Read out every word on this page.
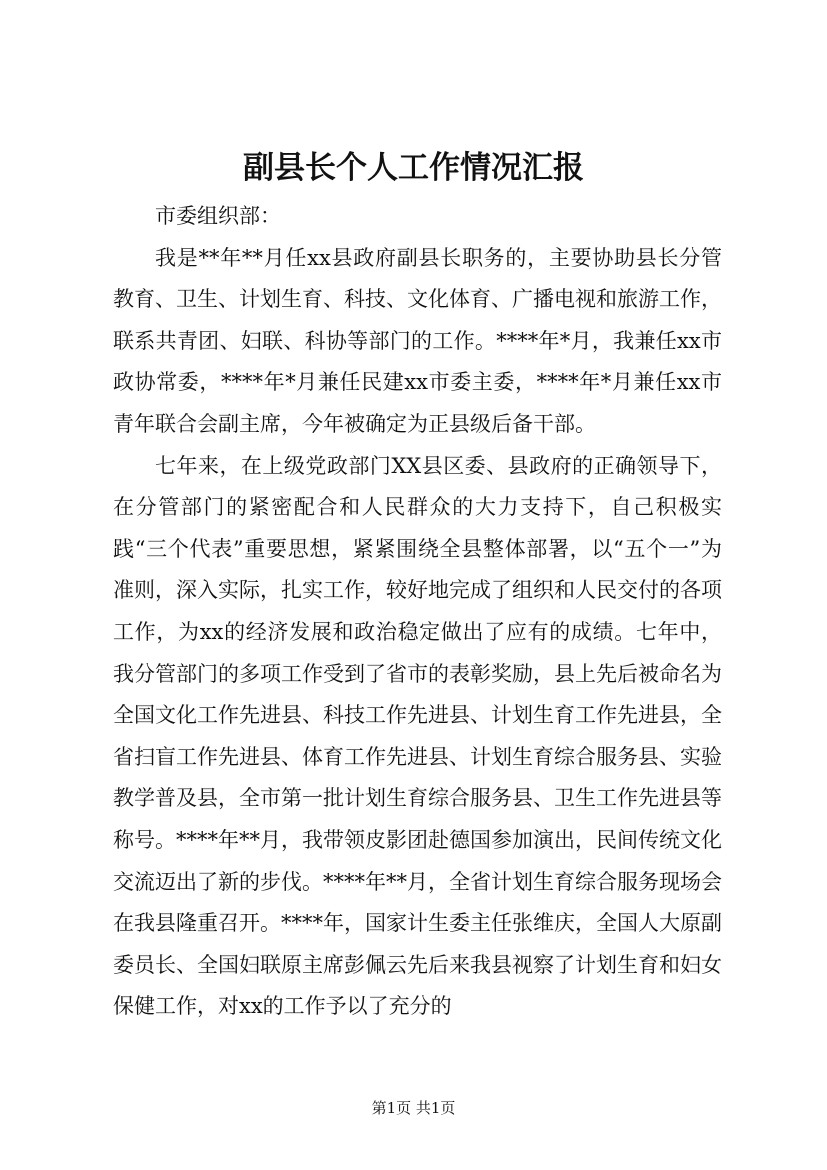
副县长个人工作情况汇报

市委组织部：

我是**年**月任xx县政府副县长职务的，主要协助县长分管教育、卫生、计划生育、科技、文化体育、广播电视和旅游工作，联系共青团、妇联、科协等部门的工作。****年*月，我兼任xx市政协常委，****年*月兼任民建xx市委主委，****年*月兼任xx市青年联合会副主席，今年被确定为正县级后备干部。

七年来，在上级党政部门XX县区委、县政府的正确领导下，在分管部门的紧密配合和人民群众的大力支持下，自己积极实践“三个代表”重要思想，紧紧围绕全县整体部署，以“五个一”为准则，深入实际，扎实工作，较好地完成了组织和人民交付的各项工作，为xx的经济发展和政治稳定做出了应有的成绩。七年中，我分管部门的多项工作受到了省市的表彰奖励，县上先后被命名为全国文化工作先进县、科技工作先进县、计划生育工作先进县，全省扫盲工作先进县、体育工作先进县、计划生育综合服务县、实验教学普及县，全市第一批计划生育综合服务县、卫生工作先进县等称号。****年**月，我带领皮影团赴德国参加演出，民间传统文化交流迈出了新的步伐。****年**月，全省计划生育综合服务现场会在我县隆重召开。****年，国家计生委主任张维庆，全国人大原副委员长、全国妇联原主席彭佩云先后来我县视察了计划生育和妇女保健工作，对xx的工作予以了充分的

第1页 共1页
